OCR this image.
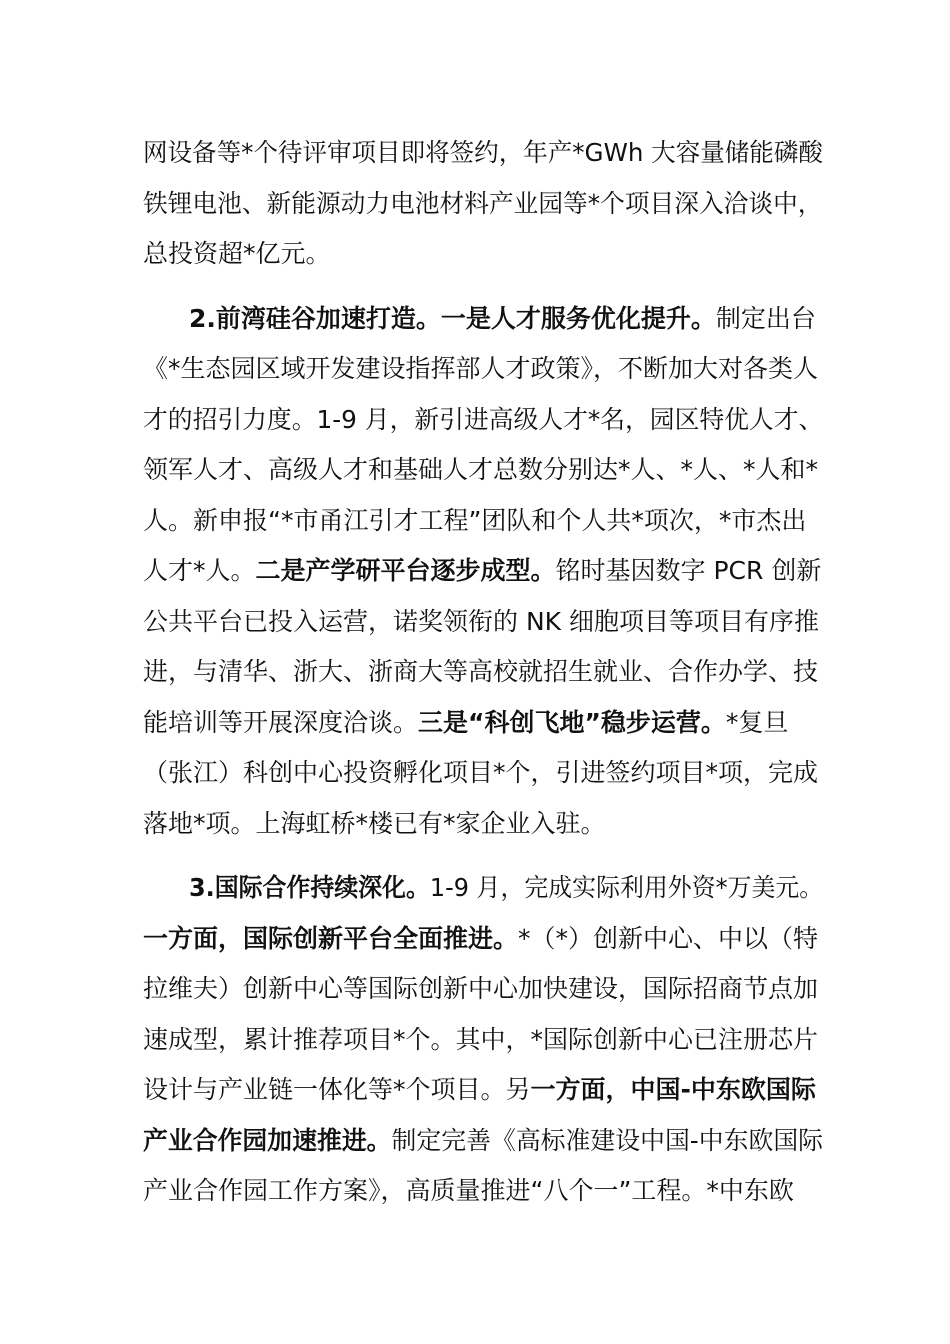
网设备等*个待评审项目即将签约，年产*GWh 大容量储能磷酸
铁锂电池、新能源动力电池材料产业园等*个项目深入洽谈中，
总投资超*亿元。
2.前湾硅谷加速打造。一是人才服务优化提升。制定出台
《*生态园区域开发建设指挥部人才政策》，不断加大对各类人
才的招引力度。1-9 月，新引进高级人才*名，园区特优人才、
领军人才、高级人才和基础人才总数分别达*人、*人、*人和*
人。新申报“*市甬江引才工程”团队和个人共*项次，*市杰出
人才*人。二是产学研平台逐步成型。铭时基因数字 PCR 创新
公共平台已投入运营，诺奖领衔的 NK 细胞项目等项目有序推
进，与清华、浙大、浙商大等高校就招生就业、合作办学、技
能培训等开展深度洽谈。三是“科创飞地”稳步运营。*复旦
（张江）科创中心投资孵化项目*个，引进签约项目*项，完成
落地*项。上海虹桥*楼已有*家企业入驻。
3.国际合作持续深化。1-9 月，完成实际利用外资*万美元。
一方面，国际创新平台全面推进。*（*）创新中心、中以（特
拉维夫）创新中心等国际创新中心加快建设，国际招商节点加
速成型，累计推荐项目*个。其中，*国际创新中心已注册芯片
设计与产业链一体化等*个项目。另一方面，中国-中东欧国际
产业合作园加速推进。制定完善《高标准建设中国-中东欧国际
产业合作园工作方案》，高质量推进“八个一”工程。*中东欧
